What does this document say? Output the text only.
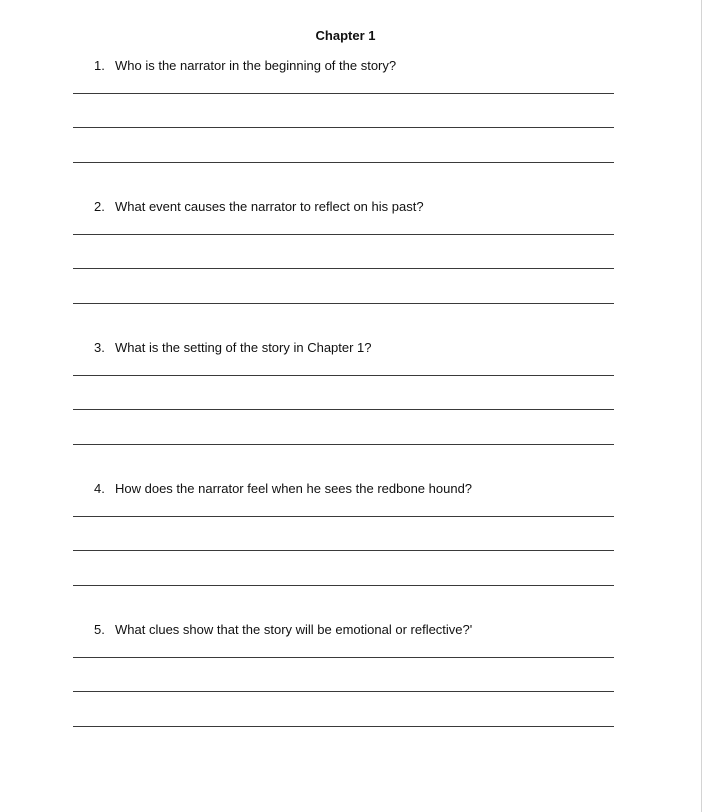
Chapter 1
1. Who is the narrator in the beginning of the story?
2. What event causes the narrator to reflect on his past?
3. What is the setting of the story in Chapter 1?
4. How does the narrator feel when he sees the redbone hound?
5. What clues show that the story will be emotional or reflective?'
